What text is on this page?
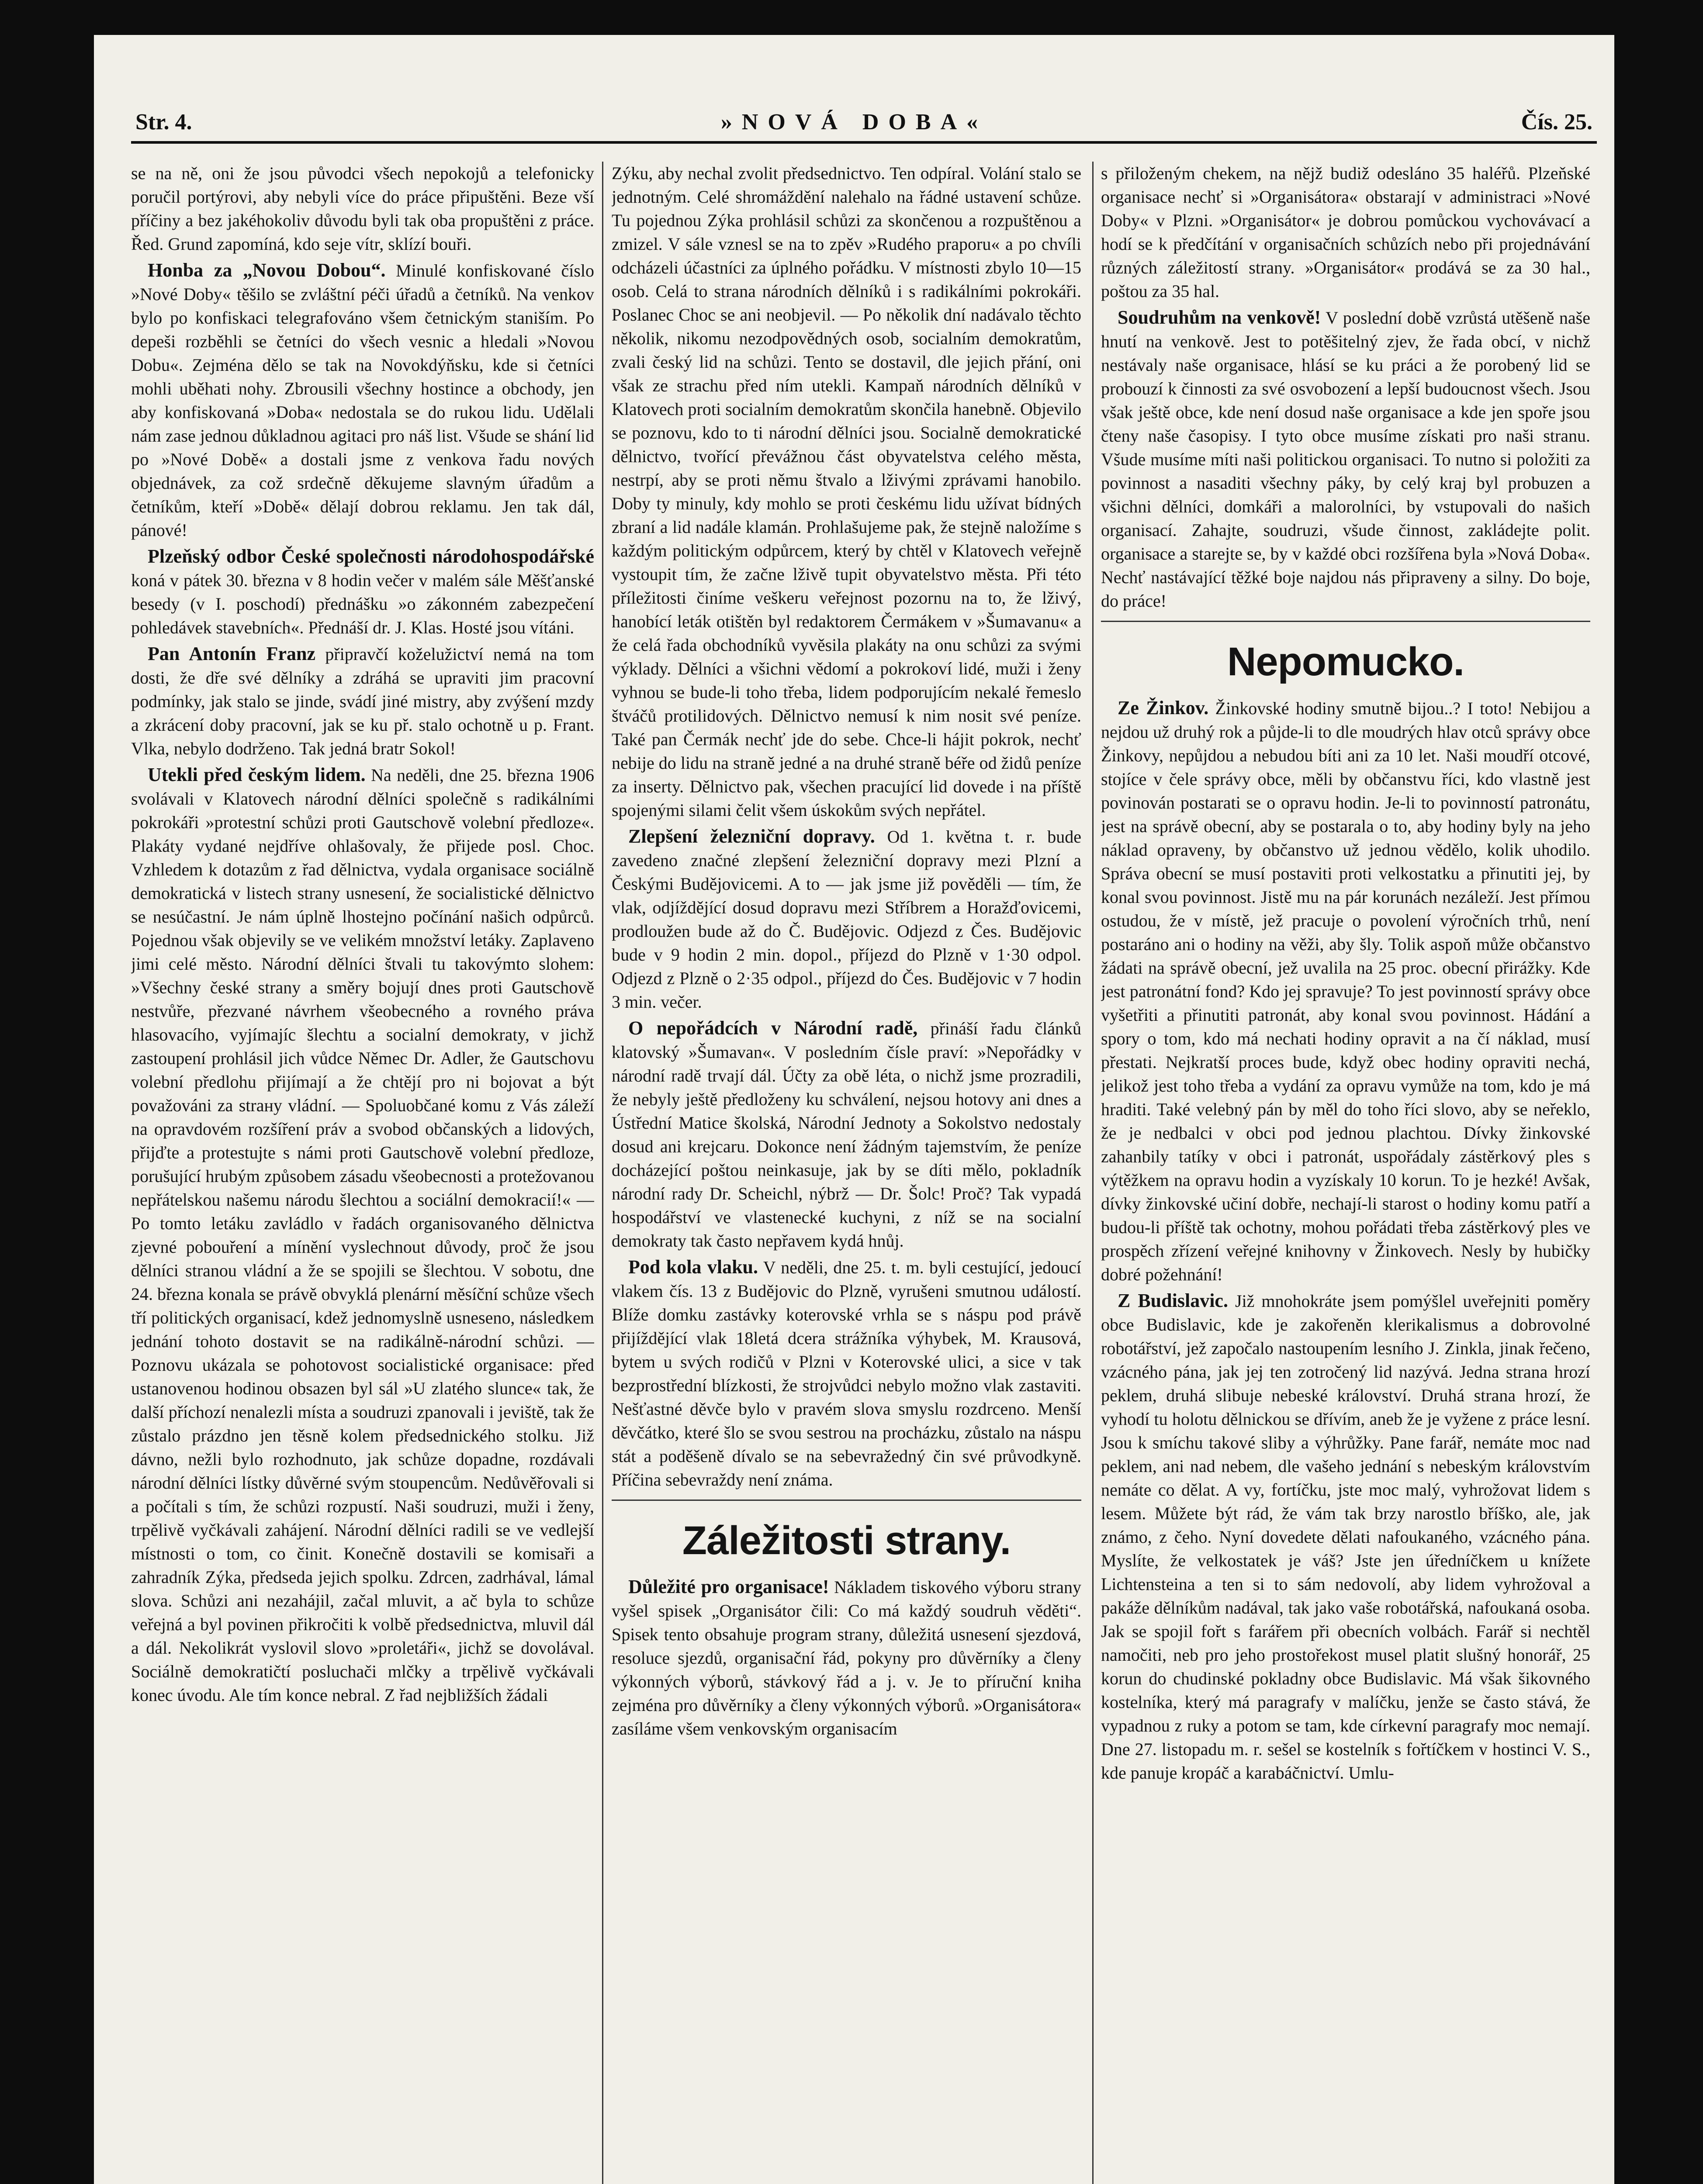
Str. 4.	»NOVÁ DOBA«	Čís. 25.

se na ně, oni že jsou původci všech nepokojů a telefonicky poručil portýrovi, aby nebyli více do práce připuštěni. Beze vší příčiny a bez jakéhokoliv důvodu byli tak oba propuštěni z práce. Řed. Grund zapomíná, kdo seje vítr, sklízí bouři.

Honba za „Novou Dobou“. Minulé konfiskované číslo »Nové Doby« těšilo se zvláštní péči úřadů a četníků. Na venkov bylo po konfiskaci telegrafováno všem četnickým staniším. Po depeši rozběhli se četníci do všech vesnic a hledali »Novou Dobu«. Zejména dělo se tak na Novokdýňsku, kde si četníci mohli uběhati nohy. Zbrousili všechny hostince a obchody, jen aby konfiskovaná »Doba« nedostala se do rukou lidu. Udělali nám zase jednou důkladnou agitaci pro náš list. Všude se shání lid po »Nové Době« a dostali jsme z venkova řadu nových objednávek, za což srdečně děkujeme slavným úřadům a četníkům, kteří »Době« dělají dobrou reklamu. Jen tak dál, pánové!

Plzeňský odbor České společnosti národohospodářské koná v pátek 30. března v 8 hodin večer v malém sále Měšťanské besedy (v I. poschodí) přednášku »o zákonném zabezpečení pohledávek stavebních«. Přednáší dr. J. Klas. Hosté jsou vítáni.

Pan Antonín Franz připravčí koželužictví nemá na tom dosti, že dře své dělníky a zdráhá se upraviti jim pracovní podmínky, jak stalo se jinde, svádí jiné mistry, aby zvýšení mzdy a zkrácení doby pracovní, jak se ku př. stalo ochotně u p. Frant. Vlka, nebylo dodrženo. Tak jedná bratr Sokol!

Utekli před českým lidem. Na neděli, dne 25. března 1906 svolávali v Klatovech národní dělníci společně s radikálními pokrokáři »protestní schůzi proti Gautschově volební předloze«. Plakáty vydané nejdříve ohlašovaly, že přijede posl. Choc. Vzhledem k dotazům z řad dělnictva, vydala organisace sociálně demokratická v listech strany usnesení, že socialistické dělnictvo se nesúčastní. Je nám úplně lhostejno počínání našich odpůrců. Pojednou však objevily se ve velikém množství letáky. Zaplaveno jimi celé město. Národní dělníci štvali tu takovýmto slohem: »Všechny české strany a směry bojují dnes proti Gautschově nestvůře, přezvané návrhem všeobecného a rovného práva hlasovacího, vyjímajíc šlechtu a socialní demokraty, v jichž zastoupení prohlásil jich vůdce Němec Dr. Adler, že Gautschovu volební předlohu přijímají a že chtějí pro ni bojovat a být považováni za strану vládní. — Spoluobčané komu z Vás záleží na opravdovém rozšíření práv a svobod občanských a lidových, přijďte a protestujte s námi proti Gautschově volební předloze, porušující hrubým způsobem zásadu všeobecnosti a protežovanou nepřátelskou našemu národu šlechtou a sociální demokracií!« — Po tomto letáku zavládlo v řadách organisovaného dělnictva zjevné pobouření a mínění vyslechnout důvody, proč že jsou dělníci stranou vládní a že se spojili se šlechtou. V sobotu, dne 24. března konala se právě obvyklá plenární měsíční schůze všech tří politických organisací, kdež jednomyslně usneseno, následkem jednání tohoto dostavit se na radikálně-národní schůzi. — Poznovu ukázala se pohotovost socialistické organisace: před ustanovenou hodinou obsazen byl sál »U zlatého slunce« tak, že další příchozí nenalezli místa a soudruzi zpanovali i jeviště, tak že zůstalo prázdno jen těsně kolem předsednického stolku. Již dávno, nežli bylo rozhodnuto, jak schůze dopadne, rozdávali národní dělníci lístky důvěrné svým stoupencům. Nedůvěřovali si a počítali s tím, že schůzi rozpustí. Naši soudruzi, muži i ženy, trpělivě vyčkávali zahájení. Národní dělníci radili se ve vedlejší místnosti o tom, co činit. Konečně dostavili se komisaři a zahradník Zýka, předseda jejich spolku. Zdrcen, zadrhával, lámal slova. Schůzi ani nezahájil, začal mluvit, a ač byla to schůze veřejná a byl povinen přikročiti k volbě předsednictva, mluvil dál a dál. Nekolikrát vyslovil slovo »proletáři«, jichž se dovolával. Sociálně demokratičtí posluchači mlčky a trpělivě vyčkávali konec úvodu. Ale tím konce nebral. Z řad nejbližších žádali

Zýku, aby nechal zvolit předsednictvo. Ten odpíral. Volání stalo se jednotným. Celé shromáždění nalehalo na řádné ustavení schůze. Tu pojednou Zýka prohlásil schůzi za skončenou a rozpuštěnou a zmizel. V sále vznesl se na to zpěv »Rudého praporu« a po chvíli odcházeli účastníci za úplného pořádku. V místnosti zbylo 10—15 osob. Celá to strana národních dělníků i s radikálními pokrokáři. Poslanec Choc se ani neobjevil. — Po několik dní nadávalo těchto několik, nikomu nezodpovědných osob, socialním demokratům, zvali český lid na schůzi. Tento se dostavil, dle jejich přání, oni však ze strachu před ním utekli. Kampaň národních dělníků v Klatovech proti socialním demokratům skončila hanebně. Objevilo se poznovu, kdo to ti národní dělníci jsou. Socialně demokratické dělnictvo, tvořící převážnou část obyvatelstva celého města, nestrpí, aby se proti němu štvalo a lživými zprávami hanobilo. Doby ty minuly, kdy mohlo se proti českému lidu užívat bídných zbraní a lid nadále klamán. Prohlašujeme pak, že stejně naložíme s každým politickým odpůrcem, který by chtěl v Klatovech veřejně vystoupit tím, že začne lživě tupit obyvatelstvo města. Při této příležitosti činíme veškeru veřejnost pozornu na to, že lživý, hanobící leták otištěn byl redaktorem Čermákem v »Šumavanu« a že celá řada obchodníků vyvěsila plakáty na onu schůzi za svými výklady. Dělníci a všichni vědomí a pokrokoví lidé, muži i ženy vyhnou se bude-li toho třeba, lidem podporujícím nekalé řemeslo štváčů protilidových. Dělnictvo nemusí k nim nosit své peníze. Také pan Čermák nechť jde do sebe. Chce-li hájit pokrok, nechť nebije do lidu na straně jedné a na druhé straně béře od židů peníze za inserty. Dělnictvo pak, všechen pracující lid dovede i na příště spojenými silami čelit všem úskokům svých nepřátel.

Zlepšení železniční dopravy. Od 1. května t. r. bude zavedeno značné zlepšení železniční dopravy mezi Plzní a Českými Budějovicemi. A to — jak jsme již pověděli — tím, že vlak, odjíždějící dosud dopravu mezi Stříbrem a Horažďovicemi, prodloužen bude až do Č. Budějovic. Odjezd z Čes. Budějovic bude v 9 hodin 2 min. dopol., příjezd do Plzně v 1·30 odpol. Odjezd z Plzně o 2·35 odpol., příjezd do Čes. Budějovic v 7 hodin 3 min. večer.

O nepořádcích v Národní radě, přináší řadu článků klatovský »Šumavan«. V posledním čísle praví: »Nepořádky v národní radě trvají dál. Účty za obě léta, o nichž jsme prozradili, že nebyly ještě předloženy ku schválení, nejsou hotovy ani dnes a Ústřední Matice školská, Národní Jednoty a Sokolstvo nedostaly dosud ani krejcaru. Dokonce není žádným tajemstvím, že peníze docházející poštou neinkasuje, jak by se díti mělo, pokladník národní rady Dr. Scheichl, nýbrž — Dr. Šolc! Proč? Tak vypadá hospodářství ve vlastenecké kuchyni, z níž se na socialní demokraty tak často nepřavem kydá hnůj.

Pod kola vlaku. V neděli, dne 25. t. m. byli cestující, jedoucí vlakem čís. 13 z Budějovic do Plzně, vyrušeni smutnou událostí. Blíže domku zastávky koterovské vrhla se s náspu pod právě přijíždějící vlak 18letá dcera strážníka výhybek, M. Krausová, bytem u svých rodičů v Plzni v Koterovské ulici, a sice v tak bezprostřední blízkosti, že strojvůdci nebylo možno vlak zastaviti. Nešťastné děvče bylo v pravém slova smyslu rozdrceno. Menší děvčátko, které šlo se svou sestrou na procházku, zůstalo na náspu stát a poděšeně dívalo se na sebevražedný čin své průvodkyně. Příčina sebevraždy není známa.

Záležitosti strany.

Důležité pro organisace! Nákladem tiskového výboru strany vyšel spisek „Organisátor čili: Co má každý soudruh věděti“. Spisek tento obsahuje program strany, důležitá usnesení sjezdová, resoluce sjezdů, organisační řád, pokyny pro důvěrníky a členy výkonných výborů, stávkový řád a j. v. Je to příruční kniha zejména pro důvěrníky a členy výkonných výborů. »Organisátora« zasíláme všem venkovským organisacím

s přiloženým chekem, na nějž budiž odesláno 35 haléřů. Plzeňské organisace nechť si »Organisátora« obstarají v administraci »Nové Doby« v Plzni. »Organisátor« je dobrou pomůckou vychovávací a hodí se k předčítání v organisačních schůzích nebo při projednávání různých záležitostí strany. »Organisátor« prodává se za 30 hal., poštou za 35 hal.

Soudruhům na venkově! V poslední době vzrůstá utěšeně naše hnutí na venkově. Jest to potěšitelný zjev, že řada obcí, v nichž nestávaly naše organisace, hlásí se ku práci a že porobený lid se probouzí k činnosti za své osvobození a lepší budoucnost všech. Jsou však ještě obce, kde není dosud naše organisace a kde jen spoře jsou čteny naše časopisy. I tyto obce musíme získati pro naši stranu. Všude musíme míti naši politickou organisaci. To nutno si položiti za povinnost a nasaditi všechny páky, by celý kraj byl probuzen a všichni dělníci, domkáři a malorolníci, by vstupovali do našich organisací. Zahajte, soudruzi, všude činnost, zakládejte polit. organisace a starejte se, by v každé obci rozšířena byla »Nová Doba«. Nechť nastávající těžké boje najdou nás připraveny a silny. Do boje, do práce!

Nepomucko.

Ze Žinkov. Žinkovské hodiny smutně bijou..? I toto! Nebijou a nejdou už druhý rok a půjde-li to dle moudrých hlav otců správy obce Žinkovy, nepůjdou a nebudou bíti ani za 10 let. Naši moudří otcové, stojíce v čele správy obce, měli by občanstvu říci, kdo vlastně jest povinován postarati se o opravu hodin. Je-li to povinností patronátu, jest na správě obecní, aby se postarala o to, aby hodiny byly na jeho náklad opraveny, by občanstvo už jednou vědělo, kolik uhodilo. Správa obecní se musí postaviti proti velkostatku a přinutiti jej, by konal svou povinnost. Jistě mu na pár korunách nezáleží. Jest přímou ostudou, že v místě, jež pracuje o povolení výročních trhů, není postaráno ani o hodiny na věži, aby šly. Tolik aspoň může občanstvo žádati na správě obecní, jež uvalila na 25 proc. obecní přirážky. Kde jest patronátní fond? Kdo jej spravuje? To jest povinností správy obce vyšetřiti a přinutiti patronát, aby konal svou povinnost. Hádání a spory o tom, kdo má nechati hodiny opravit a na čí náklad, musí přestati. Nejkratší proces bude, když obec hodiny opraviti nechá, jelikož jest toho třeba a vydání za opravu vymůže na tom, kdo je má hraditi. Také velebný pán by měl do toho říci slovo, aby se neřeklo, že je nedbalci v obci pod jednou plachtou. Dívky žinkovské zahanbily tatíky v obci i patronát, uspořádaly zástěrkový ples s výtěžkem na opravu hodin a vyzískaly 10 korun. To je hezké! Avšak, dívky žinkovské učiní dobře, nechají-li starost o hodiny komu patří a budou-li příště tak ochotny, mohou pořádati třeba zástěrkový ples ve prospěch zřízení veřejné knihovny v Žinkovech. Nesly by hubičky dobré požehnání!

Z Budislavic. Již mnohokráte jsem pomýšlel uveřejniti poměry obce Budislavic, kde je zakořeněn klerikalismus a dobrovolné robotářství, jež započalo nastoupením lesního J. Zinkla, jinak řečeno, vzácného pána, jak jej ten zotročený lid nazývá. Jedna strana hrozí peklem, druhá slibuje nebeské království. Druhá strana hrozí, že vyhodí tu holotu dělnickou se dřívím, aneb že je vyžene z práce lesní. Jsou k smíchu takové sliby a výhrůžky. Pane farář, nemáte moc nad peklem, ani nad nebem, dle vašeho jednání s nebeským královstvím nemáte co dělat. A vy, fortíčku, jste moc malý, vyhrožovat lidem s lesem. Můžete být rád, že vám tak brzy narostlo bříško, ale, jak známo, z čeho. Nyní dovedete dělati nafoukaného, vzácného pána. Myslíte, že velkostatek je váš? Jste jen úředníčkem u knížete Lichtensteina a ten si to sám nedovolí, aby lidem vyhrožoval a pakáže dělníkům nadával, tak jako vaše robotářská, nafoukaná osoba. Jak se spojil fořt s farářem při obecních volbách. Farář si nechtěl namočiti, neb pro jeho prostořekost musel platit slušný honorář, 25 korun do chudinské pokladny obce Budislavic. Má však šikovného kostelníka, který má paragrafy v malíčku, jenže se často stává, že vypadnou z ruky a potom se tam, kde církevní paragrafy moc nemají. Dne 27. listopadu m. r. sešel se kostelník s fořtíčkem v hostinci V. S., kde panuje kropáč a karabáčnictví. Umlu-
